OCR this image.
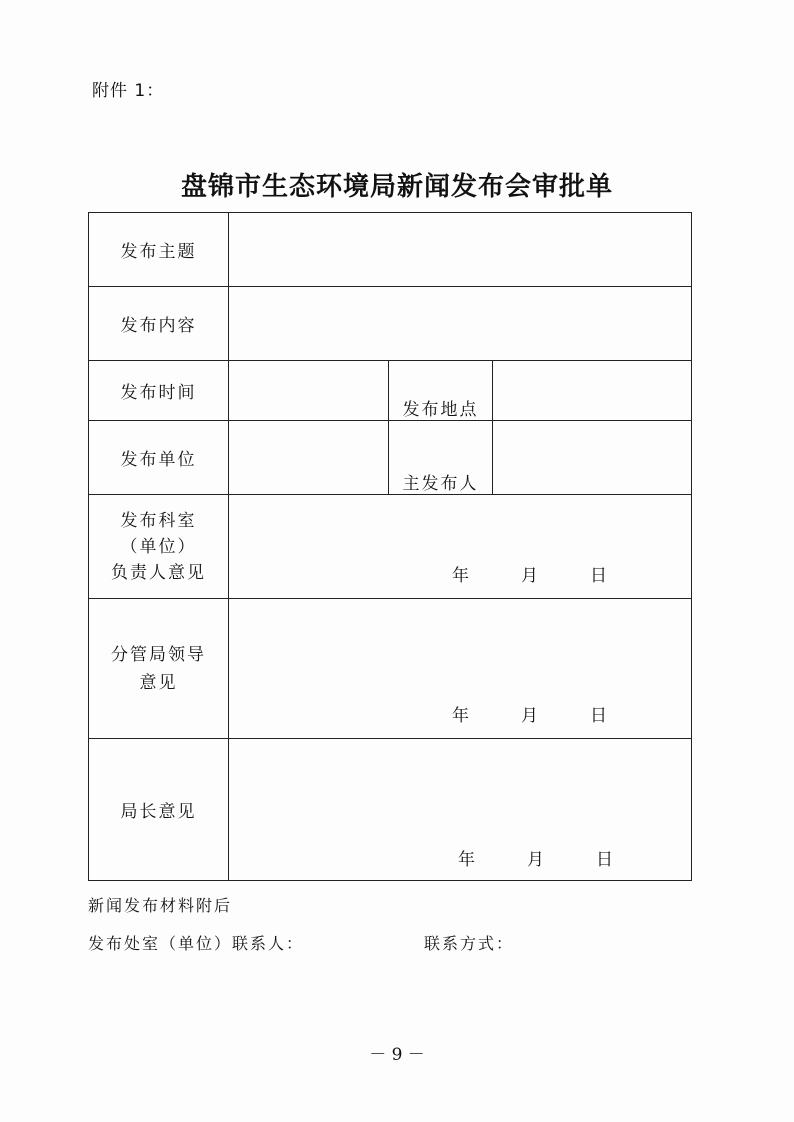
附件 1：
盘锦市生态环境局新闻发布会审批单
发布主题			
发布内容			
发布时间		发布地点	
发布单位		主发布人	

发布科室
（单位）
负责人意见	年 月 日		

分管局领导
意见	年 月 日		

局长意见	年 月 日		
新闻发布材料附后
发布处室（单位）联系人：	联系方式：
－ 9 －
